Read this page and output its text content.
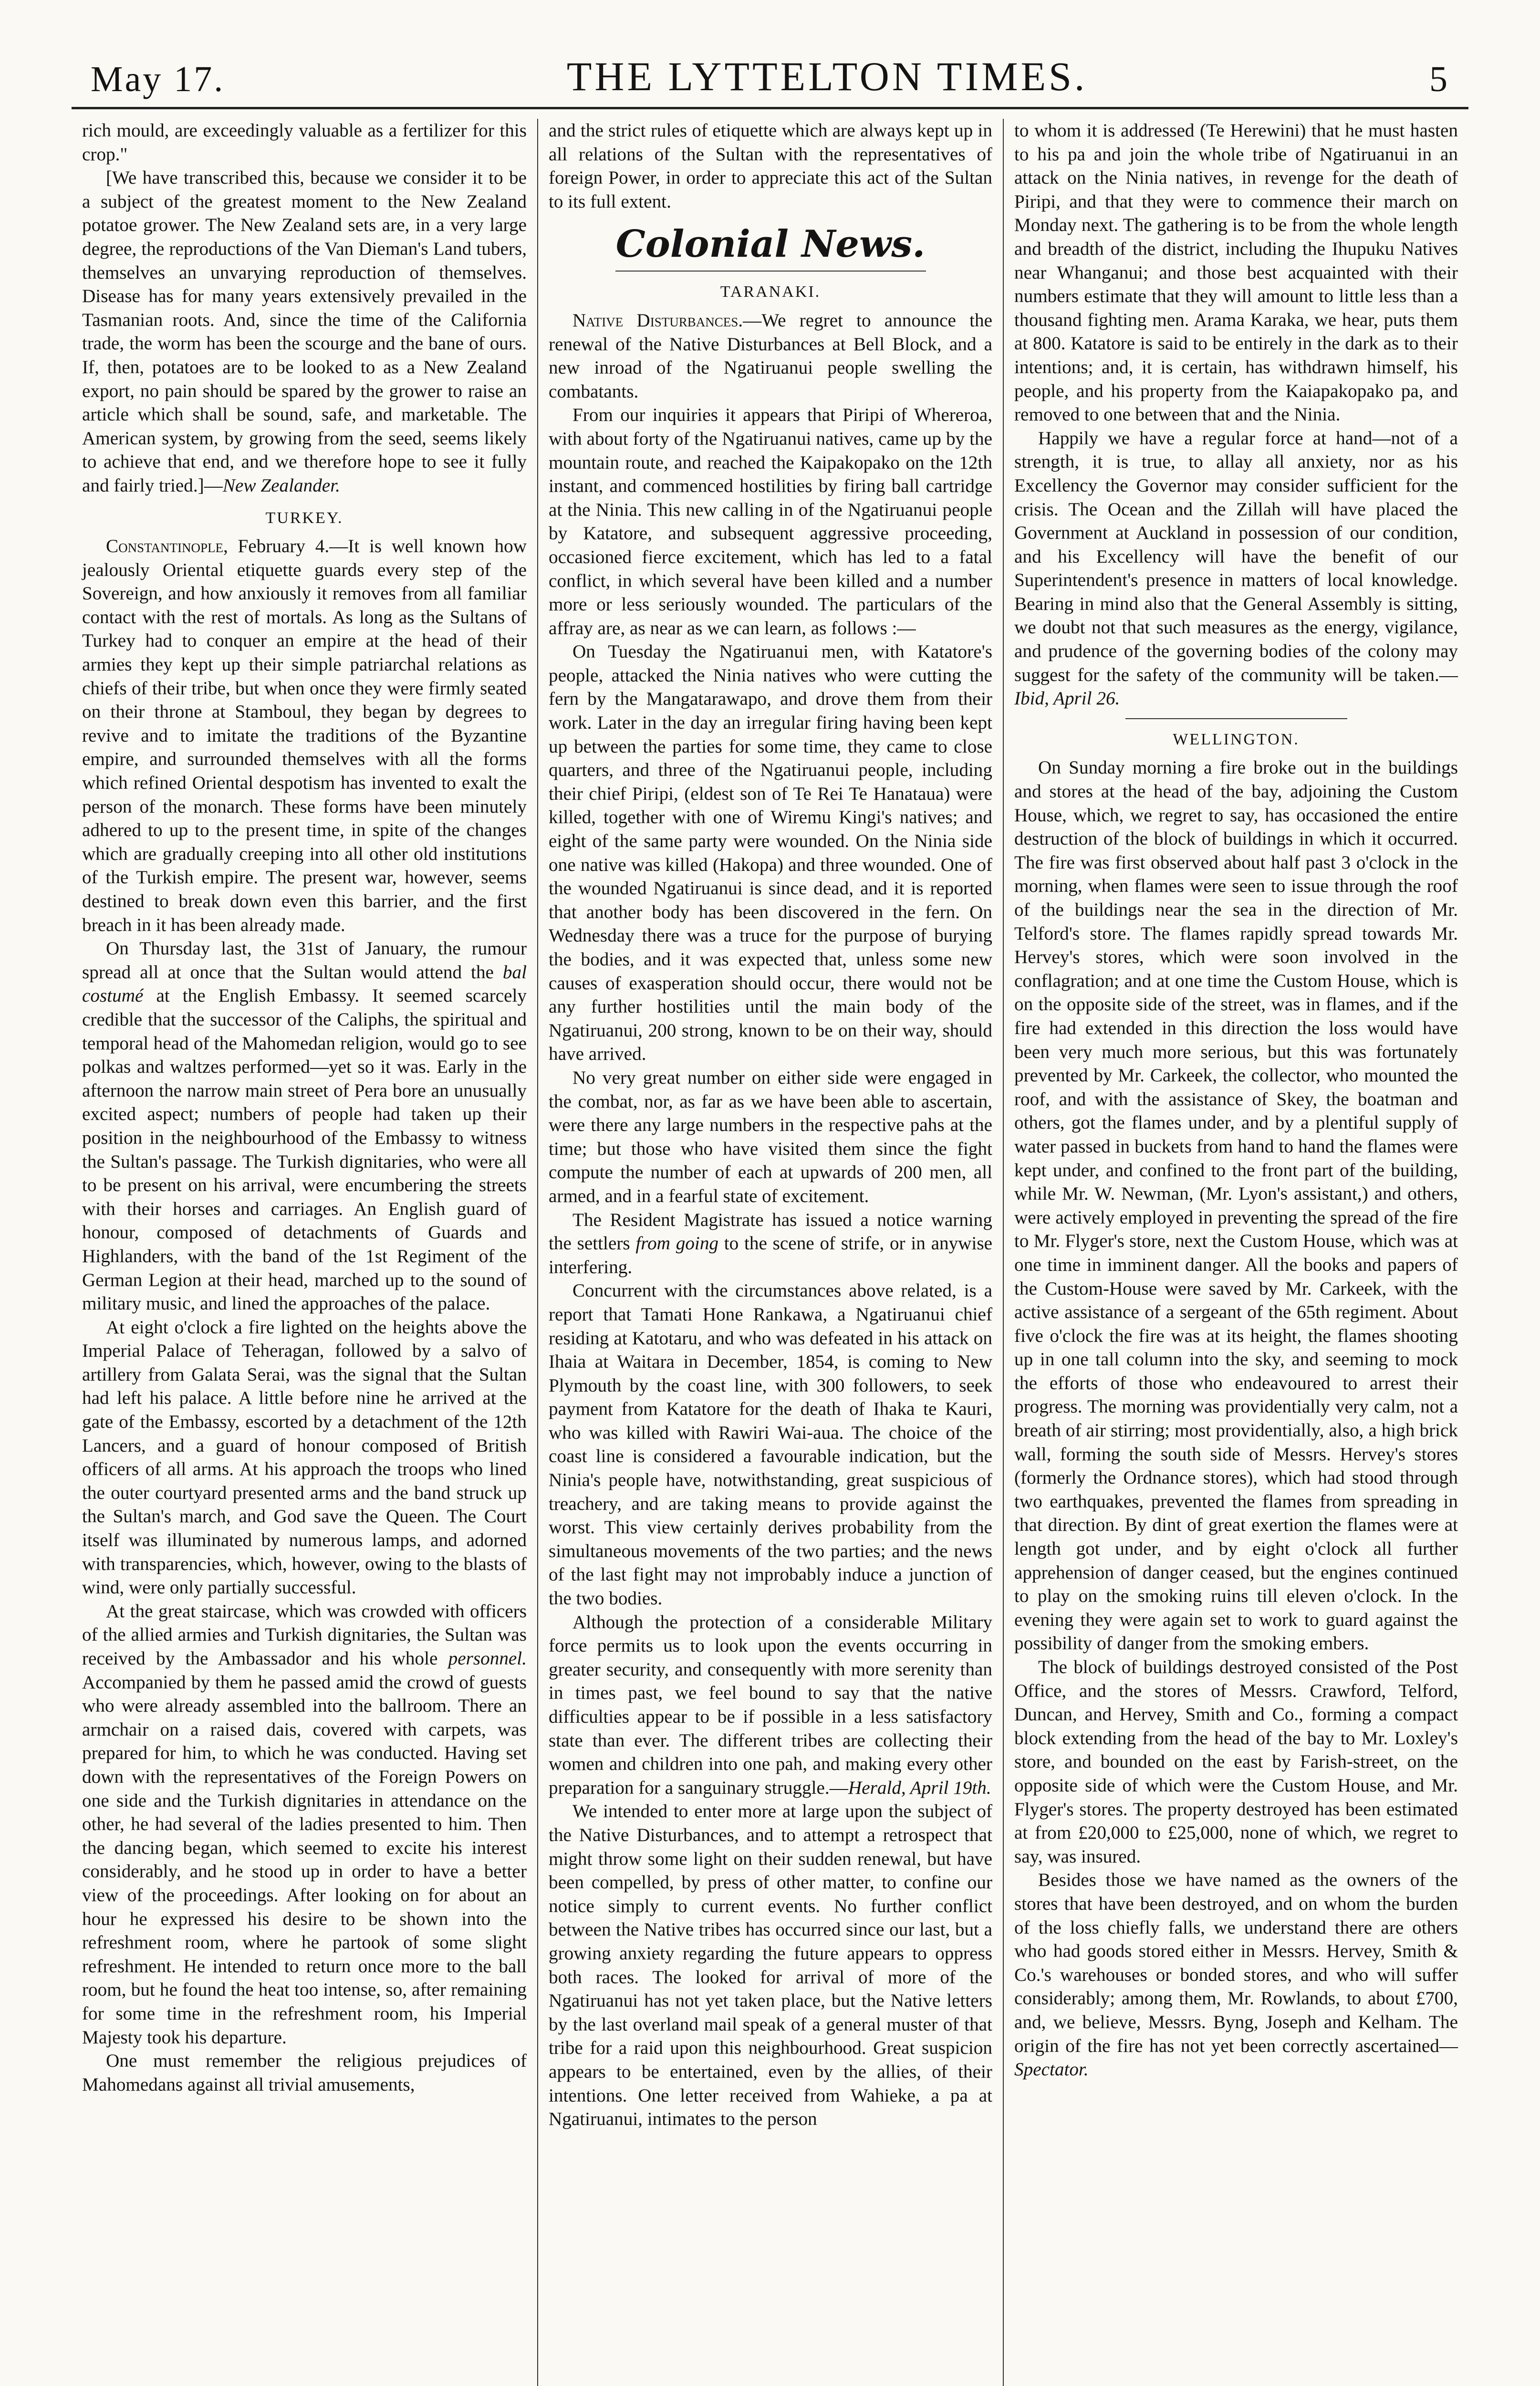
May 17.	THE LYTTELTON TIMES.	5

rich mould, are exceedingly valuable as a fertilizer for this crop."

[We have transcribed this, because we consider it to be a subject of the greatest moment to the New Zealand potatoe grower. The New Zealand sets are, in a very large degree, the reproductions of the Van Dieman's Land tubers, themselves an unvarying reproduction of themselves. Disease has for many years extensively prevailed in the Tasmanian roots. And, since the time of the California trade, the worm has been the scourge and the bane of ours. If, then, potatoes are to be looked to as a New Zealand export, no pain should be spared by the grower to raise an article which shall be sound, safe, and marketable. The American system, by growing from the seed, seems likely to achieve that end, and we therefore hope to see it fully and fairly tried.]—New Zealander.

TURKEY.

Constantinople, February 4.—It is well known how jealously Oriental etiquette guards every step of the Sovereign, and how anxiously it removes from all familiar contact with the rest of mortals. As long as the Sultans of Turkey had to conquer an empire at the head of their armies they kept up their simple patriarchal relations as chiefs of their tribe, but when once they were firmly seated on their throne at Stamboul, they began by degrees to revive and to imitate the traditions of the Byzantine empire, and surrounded themselves with all the forms which refined Oriental despotism has invented to exalt the person of the monarch. These forms have been minutely adhered to up to the present time, in spite of the changes which are gradually creeping into all other old institutions of the Turkish empire. The present war, however, seems destined to break down even this barrier, and the first breach in it has been already made.

On Thursday last, the 31st of January, the rumour spread all at once that the Sultan would attend the bal costumé at the English Embassy. It seemed scarcely credible that the successor of the Caliphs, the spiritual and temporal head of the Mahomedan religion, would go to see polkas and waltzes performed—yet so it was. Early in the afternoon the narrow main street of Pera bore an unusually excited aspect; numbers of people had taken up their position in the neighbourhood of the Embassy to witness the Sultan's passage. The Turkish dignitaries, who were all to be present on his arrival, were encumbering the streets with their horses and carriages. An English guard of honour, composed of detachments of Guards and Highlanders, with the band of the 1st Regiment of the German Legion at their head, marched up to the sound of military music, and lined the approaches of the palace.

At eight o'clock a fire lighted on the heights above the Imperial Palace of Teheragan, followed by a salvo of artillery from Galata Serai, was the signal that the Sultan had left his palace. A little before nine he arrived at the gate of the Embassy, escorted by a detachment of the 12th Lancers, and a guard of honour composed of British officers of all arms. At his approach the troops who lined the outer courtyard presented arms and the band struck up the Sultan's march, and God save the Queen. The Court itself was illuminated by numerous lamps, and adorned with transparencies, which, however, owing to the blasts of wind, were only partially successful.

At the great staircase, which was crowded with officers of the allied armies and Turkish dignitaries, the Sultan was received by the Ambassador and his whole personnel. Accompanied by them he passed amid the crowd of guests who were already assembled into the ballroom. There an armchair on a raised dais, covered with carpets, was prepared for him, to which he was conducted. Having set down with the representatives of the Foreign Powers on one side and the Turkish dignitaries in attendance on the other, he had several of the ladies presented to him. Then the dancing began, which seemed to excite his interest considerably, and he stood up in order to have a better view of the proceedings. After looking on for about an hour he expressed his desire to be shown into the refreshment room, where he partook of some slight refreshment. He intended to return once more to the ball room, but he found the heat too intense, so, after remaining for some time in the refreshment room, his Imperial Majesty took his departure.

One must remember the religious prejudices of Mahomedans against all trivial amusements,

and the strict rules of etiquette which are always kept up in all relations of the Sultan with the representatives of foreign Power, in order to appreciate this act of the Sultan to its full extent.

Colonial News.
TARANAKI.

Native Disturbances.—We regret to announce the renewal of the Native Disturbances at Bell Block, and a new inroad of the Ngatiruanui people swelling the combatants.

From our inquiries it appears that Piripi of Whereroa, with about forty of the Ngatiruanui natives, came up by the mountain route, and reached the Kaipakopako on the 12th instant, and commenced hostilities by firing ball cartridge at the Ninia. This new calling in of the Ngatiruanui people by Katatore, and subsequent aggressive proceeding, occasioned fierce excitement, which has led to a fatal conflict, in which several have been killed and a number more or less seriously wounded. The particulars of the affray are, as near as we can learn, as follows :—

On Tuesday the Ngatiruanui men, with Katatore's people, attacked the Ninia natives who were cutting the fern by the Mangatarawapo, and drove them from their work. Later in the day an irregular firing having been kept up between the parties for some time, they came to close quarters, and three of the Ngatiruanui people, including their chief Piripi, (eldest son of Te Rei Te Hanataua) were killed, together with one of Wiremu Kingi's natives; and eight of the same party were wounded. On the Ninia side one native was killed (Hakopa) and three wounded. One of the wounded Ngatiruanui is since dead, and it is reported that another body has been discovered in the fern. On Wednesday there was a truce for the purpose of burying the bodies, and it was expected that, unless some new causes of exasperation should occur, there would not be any further hostilities until the main body of the Ngatiruanui, 200 strong, known to be on their way, should have arrived.

No very great number on either side were engaged in the combat, nor, as far as we have been able to ascertain, were there any large numbers in the respective pahs at the time; but those who have visited them since the fight compute the number of each at upwards of 200 men, all armed, and in a fearful state of excitement.

The Resident Magistrate has issued a notice warning the settlers from going to the scene of strife, or in anywise interfering.

Concurrent with the circumstances above related, is a report that Tamati Hone Rankawa, a Ngatiruanui chief residing at Katotaru, and who was defeated in his attack on Ihaia at Waitara in December, 1854, is coming to New Plymouth by the coast line, with 300 followers, to seek payment from Katatore for the death of Ihaka te Kauri, who was killed with Rawiri Wai-aua. The choice of the coast line is considered a favourable indication, but the Ninia's people have, notwithstanding, great suspicious of treachery, and are taking means to provide against the worst. This view certainly derives probability from the simultaneous movements of the two parties; and the news of the last fight may not improbably induce a junction of the two bodies.

Although the protection of a considerable Military force permits us to look upon the events occurring in greater security, and consequently with more serenity than in times past, we feel bound to say that the native difficulties appear to be if possible in a less satisfactory state than ever. The different tribes are collecting their women and children into one pah, and making every other preparation for a sanguinary struggle.—Herald, April 19th.

We intended to enter more at large upon the subject of the Native Disturbances, and to attempt a retrospect that might throw some light on their sudden renewal, but have been compelled, by press of other matter, to confine our notice simply to current events. No further conflict between the Native tribes has occurred since our last, but a growing anxiety regarding the future appears to oppress both races. The looked for arrival of more of the Ngatiruanui has not yet taken place, but the Native letters by the last overland mail speak of a general muster of that tribe for a raid upon this neighbourhood. Great suspicion appears to be entertained, even by the allies, of their intentions. One letter received from Wahieke, a pa at Ngatiruanui, intimates to the person

to whom it is addressed (Te Herewini) that he must hasten to his pa and join the whole tribe of Ngatiruanui in an attack on the Ninia natives, in revenge for the death of Piripi, and that they were to commence their march on Monday next. The gathering is to be from the whole length and breadth of the district, including the Ihupuku Natives near Whanganui; and those best acquainted with their numbers estimate that they will amount to little less than a thousand fighting men. Arama Karaka, we hear, puts them at 800. Katatore is said to be entirely in the dark as to their intentions; and, it is certain, has withdrawn himself, his people, and his property from the Kaiapakopako pa, and removed to one between that and the Ninia.

Happily we have a regular force at hand—not of a strength, it is true, to allay all anxiety, nor as his Excellency the Governor may consider sufficient for the crisis. The Ocean and the Zillah will have placed the Government at Auckland in possession of our condition, and his Excellency will have the benefit of our Superintendent's presence in matters of local knowledge. Bearing in mind also that the General Assembly is sitting, we doubt not that such measures as the energy, vigilance, and prudence of the governing bodies of the colony may suggest for the safety of the community will be taken.—Ibid, April 26.

WELLINGTON.

On Sunday morning a fire broke out in the buildings and stores at the head of the bay, adjoining the Custom House, which, we regret to say, has occasioned the entire destruction of the block of buildings in which it occurred. The fire was first observed about half past 3 o'clock in the morning, when flames were seen to issue through the roof of the buildings near the sea in the direction of Mr. Telford's store. The flames rapidly spread towards Mr. Hervey's stores, which were soon involved in the conflagration; and at one time the Custom House, which is on the opposite side of the street, was in flames, and if the fire had extended in this direction the loss would have been very much more serious, but this was fortunately prevented by Mr. Carkeek, the collector, who mounted the roof, and with the assistance of Skey, the boatman and others, got the flames under, and by a plentiful supply of water passed in buckets from hand to hand the flames were kept under, and confined to the front part of the building, while Mr. W. Newman, (Mr. Lyon's assistant,) and others, were actively employed in preventing the spread of the fire to Mr. Flyger's store, next the Custom House, which was at one time in imminent danger. All the books and papers of the Custom-House were saved by Mr. Carkeek, with the active assistance of a sergeant of the 65th regiment. About five o'clock the fire was at its height, the flames shooting up in one tall column into the sky, and seeming to mock the efforts of those who endeavoured to arrest their progress. The morning was providentially very calm, not a breath of air stirring; most providentially, also, a high brick wall, forming the south side of Messrs. Hervey's stores (formerly the Ordnance stores), which had stood through two earthquakes, prevented the flames from spreading in that direction. By dint of great exertion the flames were at length got under, and by eight o'clock all further apprehension of danger ceased, but the engines continued to play on the smoking ruins till eleven o'clock. In the evening they were again set to work to guard against the possibility of danger from the smoking embers.

The block of buildings destroyed consisted of the Post Office, and the stores of Messrs. Crawford, Telford, Duncan, and Hervey, Smith and Co., forming a compact block extending from the head of the bay to Mr. Loxley's store, and bounded on the east by Farish-street, on the opposite side of which were the Custom House, and Mr. Flyger's stores. The property destroyed has been estimated at from £20,000 to £25,000, none of which, we regret to say, was insured.

Besides those we have named as the owners of the stores that have been destroyed, and on whom the burden of the loss chiefly falls, we understand there are others who had goods stored either in Messrs. Hervey, Smith & Co.'s warehouses or bonded stores, and who will suffer considerably; among them, Mr. Rowlands, to about £700, and, we believe, Messrs. Byng, Joseph and Kelham. The origin of the fire has not yet been correctly ascertained—Spectator.
